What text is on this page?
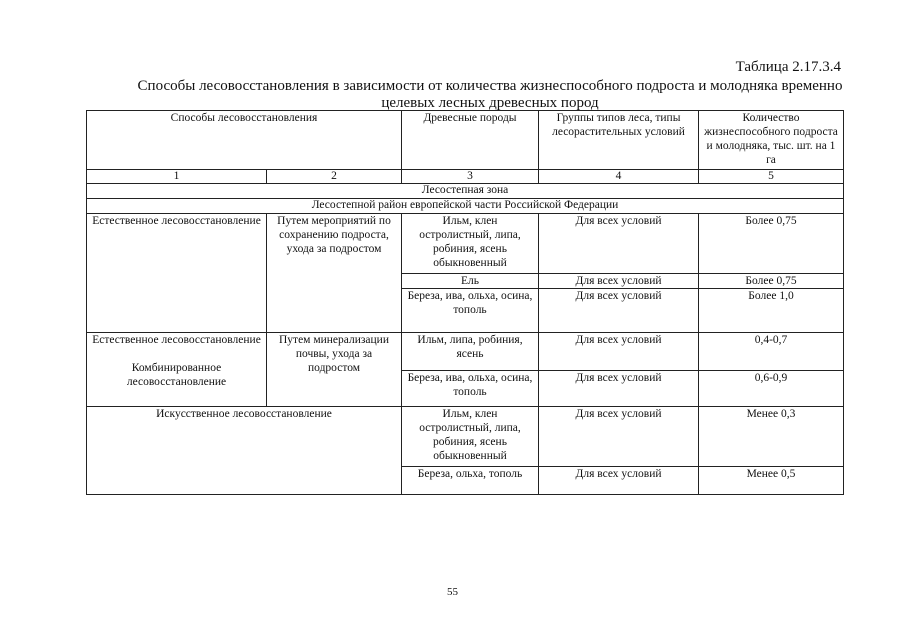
Таблица 2.17.3.4
Способы лесовосстановления в зависимости от количества жизнеспособного подроста и молодняка временно целевых лесных древесных пород
Способы лесовосстановления		Древесные породы	Группы типов леса, типы лесорастительных условий	Количество жизнеспособного подроста и молодняка, тыс. шт. на 1 га
1	2	3	4	5
Лесостепная зона				
Лесостепной район европейской части Российской Федерации				
Естественное лесовосстановление	Путем мероприятий по сохранению подроста, ухода за подростом	Ильм, клен остролистный, липа, робиния, ясень обыкновенный	Для всех условий	Более 0,75
		Ель	Для всех условий	Более 0,75
		Береза, ива, ольха, осина, тополь	Для всех условий	Более 1,0

Естественное лесовосстановление
Комбинированное лесовосстановление	Путем минерализации почвы, ухода за подростом	Ильм, липа, робиния, ясень	Для всех условий	0,4-0,7
		Береза, ива, ольха, осина, тополь	Для всех условий	0,6-0,9
Искусственное лесовосстановление		Ильм, клен остролистный, липа, робиния, ясень обыкновенный	Для всех условий	Менее 0,3
		Береза, ольха, тополь	Для всех условий	Менее 0,5
55
